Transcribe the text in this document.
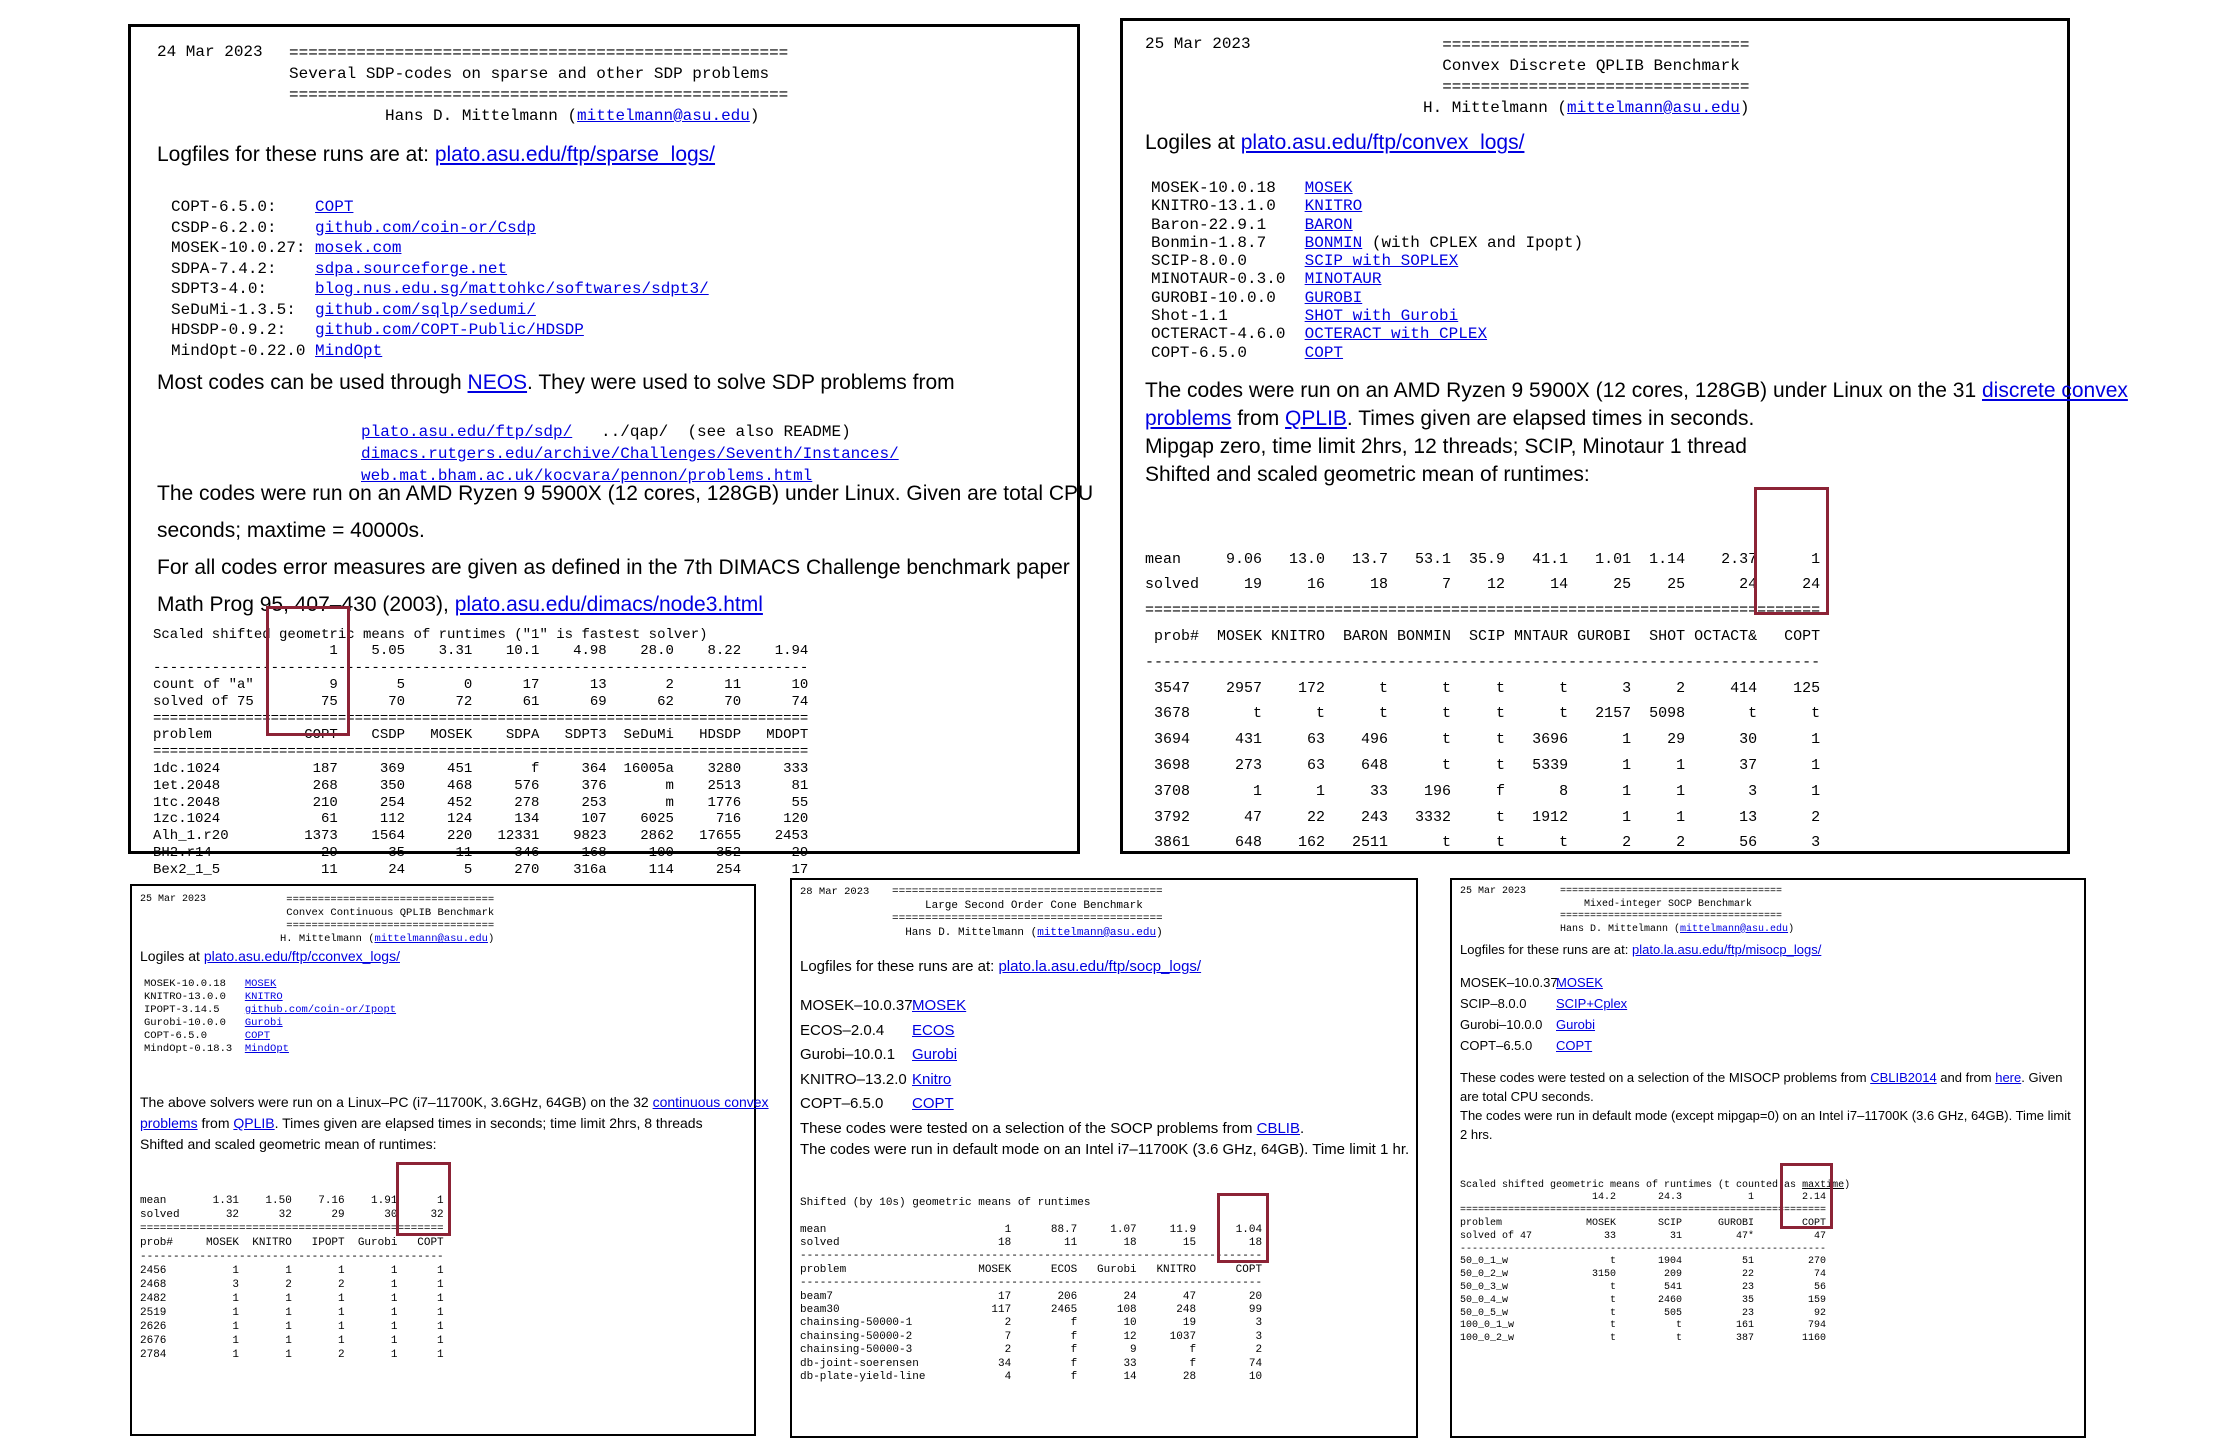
24 Mar 2023 ====================================================
Several SDP-codes on sparse and other SDP problems
====================================================
Hans D. Mittelmann (mittelmann@asu.edu)
Logfiles for these runs are at: plato.asu.edu/ftp/sparse_logs/
COPT-6.5.0:    COPT
CSDP-6.2.0:    github.com/coin-or/Csdp
MOSEK-10.0.27: mosek.com
SDPA-7.4.2:    sdpa.sourceforge.net
SDPT3-4.0:     blog.nus.edu.sg/mattohkc/softwares/sdpt3/
SeDuMi-1.3.5:  github.com/sqlp/sedumi/
HDSDP-0.9.2:   github.com/COPT-Public/HDSDP
MindOpt-0.22.0 MindOpt
Most codes can be used through NEOS. They were used to solve SDP problems from
plato.asu.edu/ftp/sdp/   ../qap/  (see also README)
dimacs.rutgers.edu/archive/Challenges/Seventh/Instances/
web.mat.bham.ac.uk/kocvara/pennon/problems.html
The codes were run on an AMD Ryzen 9 5900X (12 cores, 128GB) under Linux. Given are total CPU
seconds; maxtime = 40000s.
For all codes error measures are given as defined in the 7th DIMACS Challenge benchmark paper
Math Prog 95, 407–430 (2003), plato.asu.edu/dimacs/node3.html

Scaled shifted geometric means of runtimes ("1" is fastest solver)
1    5.05    3.31    10.1    4.98    28.0    8.22    1.94
------------------------------------------------------------------------------
count of "a"         9       5       0      17      13       2      11      10
solved of 75        75      70      72      61      69      62      70      74
==============================================================================
problem           COPT    CSDP   MOSEK    SDPA   SDPT3  SeDuMi   HDSDP   MDOPT
==============================================================================
1dc.1024           187     369     451       f     364  16005a    3280     333
1et.2048           268     350     468     576     376       m    2513      81
1tc.2048           210     254     452     278     253       m    1776      55
1zc.1024            61     112     124     134     107    6025     716     120
Alh_1.r20         1373    1564     220   12331    9823    2862   17655    2453
BH2.r14             29      35      11     346     168     100     352      29
Bex2_1_5            11      24       5     270    316a     114     254      17

25 Mar 2023	================================
Convex Discrete QPLIB Benchmark
================================
H. Mittelmann (mittelmann@asu.edu)
Logiles at plato.asu.edu/ftp/convex_logs/
MOSEK-10.0.18   MOSEK
KNITRO-13.1.0   KNITRO
Baron-22.9.1    BARON
Bonmin-1.8.7    BONMIN (with CPLEX and Ipopt)
SCIP-8.0.0      SCIP with SOPLEX
MINOTAUR-0.3.0  MINOTAUR
GUROBI-10.0.0   GUROBI
Shot-1.1        SHOT with Gurobi
OCTERACT-4.6.0  OCTERACT with CPLEX
COPT-6.5.0      COPT
The codes were run on an AMD Ryzen 9 5900X (12 cores, 128GB) under Linux on the 31 discrete convex
problems from QPLIB. Times given are elapsed times in seconds.
Mipgap zero, time limit 2hrs, 12 threads; SCIP, Minotaur 1 thread
Shifted and scaled geometric mean of runtimes:

mean     9.06   13.0   13.7   53.1  35.9   41.1   1.01  1.14    2.37      1
solved     19     16     18      7    12     14     25    25      24     24
===========================================================================
prob#  MOSEK KNITRO  BARON BONMIN  SCIP MNTAUR GUROBI  SHOT OCTACT&   COPT
---------------------------------------------------------------------------
3547    2957    172      t      t     t      t      3     2     414    125
3678       t      t      t      t     t      t   2157  5098       t      t
3694     431     63    496      t     t   3696      1    29      30      1
3698     273     63    648      t     t   5339      1     1      37      1
3708       1      1     33    196     f      8      1     1       3      1
3792      47     22    243   3332     t   1912      1     1      13      2
3861     648    162   2511      t     t      t      2     2      56      3

25 Mar 2023	=================================
Convex Continuous QPLIB Benchmark
=================================
H. Mittelmann (mittelmann@asu.edu)
Logiles at plato.asu.edu/ftp/cconvex_logs/
MOSEK-10.0.18   MOSEK
KNITRO-13.0.0   KNITRO
IPOPT-3.14.5    github.com/coin-or/Ipopt
Gurobi-10.0.0   Gurobi
COPT-6.5.0      COPT
MindOpt-0.18.3  MindOpt
The above solvers were run on a Linux–PC (i7–11700K, 3.6GHz, 64GB) on the 32 continuous convex
problems from QPLIB. Times given are elapsed times in seconds; time limit 2hrs, 8 threads
Shifted and scaled geometric mean of runtimes:

mean       1.31    1.50    7.16    1.91      1
solved       32      32      29      30     32
==============================================
prob#     MOSEK  KNITRO   IPOPT  Gurobi   COPT
----------------------------------------------
2456          1       1       1       1      1
2468          3       2       2       1      1
2482          1       1       1       1      1
2519          1       1       1       1      1
2626          1       1       1       1      1
2676          1       1       1       1      1
2784          1       1       2       1      1

28 Mar 2023 =========================================
Large Second Order Cone Benchmark
=========================================
Hans D. Mittelmann (mittelmann@asu.edu)
Logfiles for these runs are at: plato.la.asu.edu/ftp/socp_logs/
MOSEK–10.0.37MOSEK
ECOS–2.0.4 ECOS
Gurobi–10.0.1 Gurobi
KNITRO–13.2.0 Knitro
COPT–6.5.0 COPT
These codes were tested on a selection of the SOCP problems from CBLIB.
The codes were run in default mode on an Intel i7–11700K (3.6 GHz, 64GB). Time limit 1 hr.

Shifted (by 10s) geometric means of runtimes

mean                           1      88.7     1.07     11.9      1.04
solved                        18        11       18       15        18
----------------------------------------------------------------------
problem                    MOSEK      ECOS   Gurobi   KNITRO      COPT
----------------------------------------------------------------------
beam7                         17       206       24       47        20
beam30                       117      2465      108      248        99
chainsing-50000-1              2         f       10       19         3
chainsing-50000-2              7         f       12     1037         3
chainsing-50000-3              2         f        9        f         2
db-joint-soerensen            34         f       33        f        74
db-plate-yield-line            4         f       14       28        10

25 Mar 2023	=====================================
Mixed-integer SOCP Benchmark
=====================================
Hans D. Mittelmann (mittelmann@asu.edu)
Logfiles for these runs are at: plato.la.asu.edu/ftp/misocp_logs/
MOSEK–10.0.37MOSEK
SCIP–8.0.0 SCIP+Cplex
Gurobi–10.0.0 Gurobi
COPT–6.5.0 COPT
These codes were tested on a selection of the MISOCP problems from CBLIB2014 and from here. Given
are total CPU seconds.
The codes were run in default mode (except mipgap=0) on an Intel i7–11700K (3.6 GHz, 64GB). Time limit
2 hrs.

Scaled shifted geometric means of runtimes (t counted as maxtime)
14.2       24.3           1        2.14
=============================================================
problem              MOSEK       SCIP      GUROBI        COPT
solved of 47            33         31         47*          47
-------------------------------------------------------------
50_0_1_w                 t       1904          51         270
50_0_2_w              3150        209          22          74
50_0_3_w                 t        541          23          56
50_0_4_w                 t       2460          35         159
50_0_5_w                 t        505          23          92
100_0_1_w                t          t         161         794
100_0_2_w                t          t         387        1160
